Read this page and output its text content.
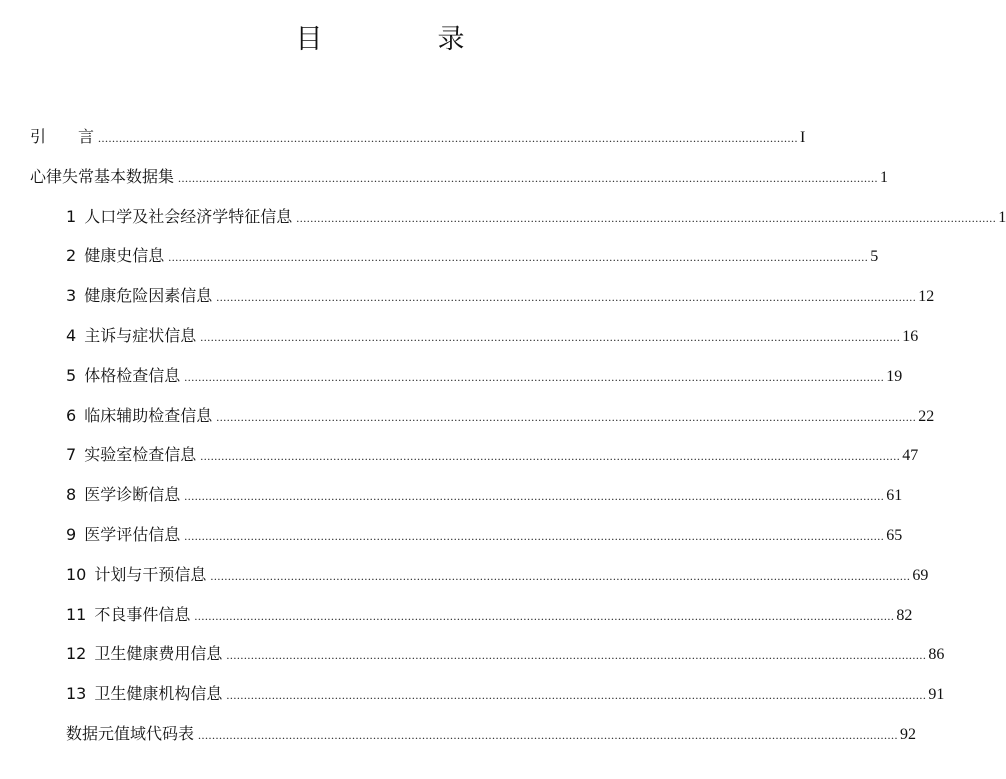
目　录
引　　言 ........................................................................................................................................................................................................ I
心律失常基本数据集 ........................................................................................................................................................................................................ 1
1 人口学及社会经济学特征信息 ........................................................................................................................................................................................................ 1
2 健康史信息 ........................................................................................................................................................................................................ 5
3 健康危险因素信息 ........................................................................................................................................................................................................ 12
4 主诉与症状信息 ........................................................................................................................................................................................................ 16
5 体格检查信息 ........................................................................................................................................................................................................ 19
6 临床辅助检查信息 ........................................................................................................................................................................................................ 22
7 实验室检查信息 ........................................................................................................................................................................................................ 47
8 医学诊断信息 ........................................................................................................................................................................................................ 61
9 医学评估信息 ........................................................................................................................................................................................................ 65
10 计划与干预信息 ........................................................................................................................................................................................................ 69
11 不良事件信息 ........................................................................................................................................................................................................ 82
12 卫生健康费用信息 ........................................................................................................................................................................................................ 86
13 卫生健康机构信息 ........................................................................................................................................................................................................ 91
数据元值域代码表 ........................................................................................................................................................................................................ 92
